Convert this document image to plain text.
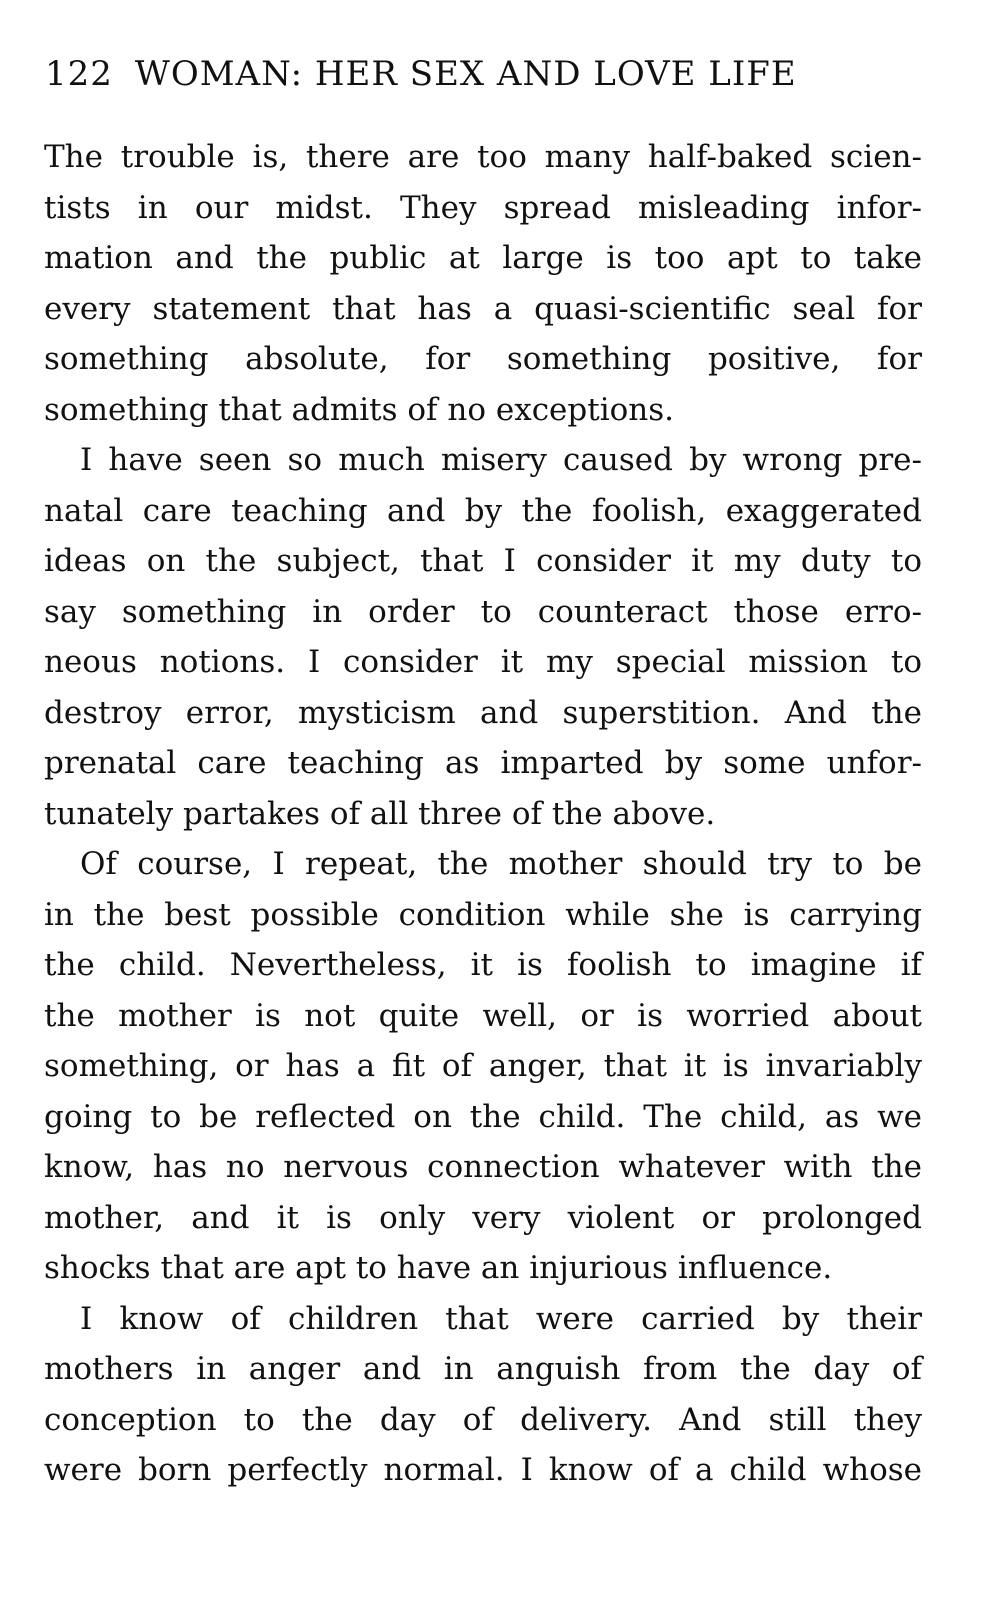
122 WOMAN: HER SEX AND LOVE LIFE
The trouble is, there are too many half-baked scien-
tists in our midst. They spread misleading infor-
mation and the public at large is too apt to take
every statement that has a quasi-scientific seal for
something absolute, for something positive, for
something that admits of no exceptions.
I have seen so much misery caused by wrong pre-
natal care teaching and by the foolish, exaggerated
ideas on the subject, that I consider it my duty to
say something in order to counteract those erro-
neous notions. I consider it my special mission to
destroy error, mysticism and superstition. And the
prenatal care teaching as imparted by some unfor-
tunately partakes of all three of the above.
Of course, I repeat, the mother should try to be
in the best possible condition while she is carrying
the child. Nevertheless, it is foolish to imagine if
the mother is not quite well, or is worried about
something, or has a fit of anger, that it is invariably
going to be reflected on the child. The child, as we
know, has no nervous connection whatever with the
mother, and it is only very violent or prolonged
shocks that are apt to have an injurious influence.
I know of children that were carried by their
mothers in anger and in anguish from the day of
conception to the day of delivery. And still they
were born perfectly normal. I know of a child whose
